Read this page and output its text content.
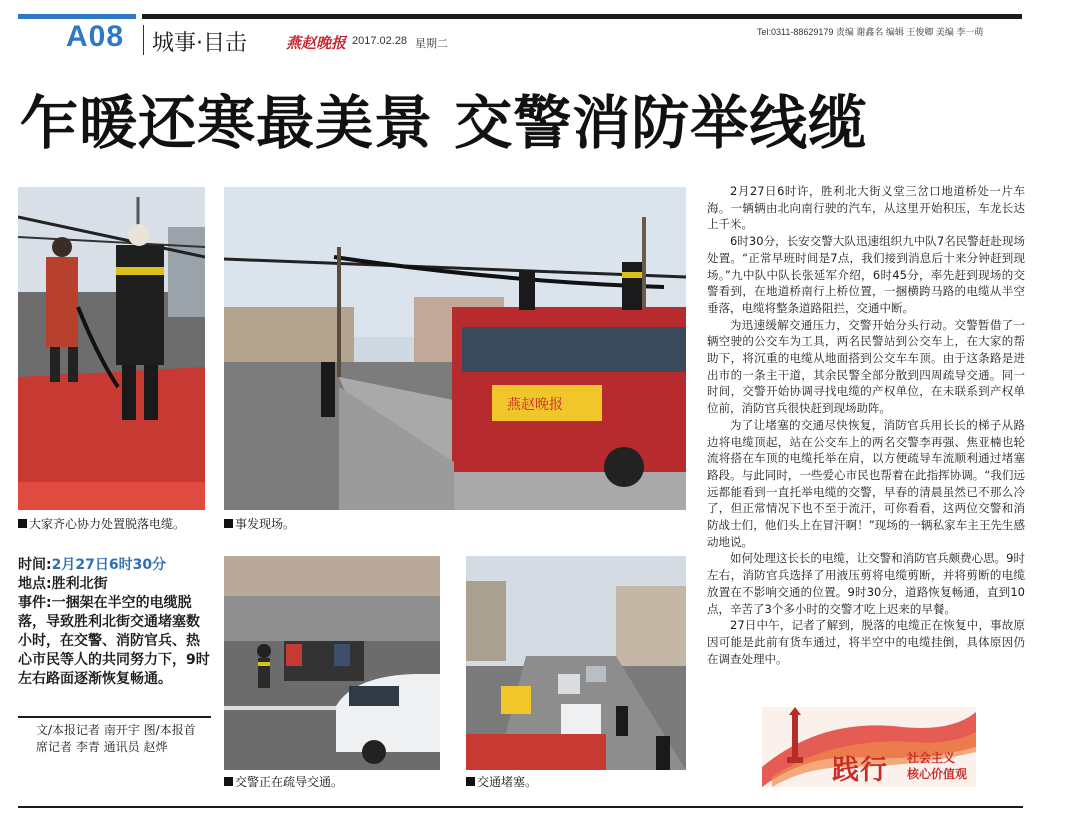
A08 城事·目击	燕赵晚报 2017.02.28 星期二
Tel:0311-88629179 责编 谢鑫名 编辑 王俊卿 美编 李一萌
乍暖还寒最美景 交警消防举线缆
大家齐心协力处置脱落电缆。
燕赵晚报
事发现场。
交警正在疏导交通。	交通堵塞。
时间:2月27日6时30分
地点:胜利北街
事件:一捆架在半空的电缆脱落，导致胜利北街交通堵塞数小时，在交警、消防官兵、热心市民等人的共同努力下，9时左右路面逐渐恢复畅通。
文/本报记者 南开宇 图/本报首席记者 李青 通讯员 赵烨

2月27日6时许，胜利北大街义堂三岔口地道桥处一片车海。一辆辆由北向南行驶的汽车，从这里开始积压，车龙长达上千米。

6时30分，长安交警大队迅速组织九中队7名民警赶赴现场处置。“正常早班时间是7点，我们接到消息后十来分钟赶到现场。”九中队中队长张延军介绍，6时45分，率先赶到现场的交警看到，在地道桥南行上桥位置，一捆横跨马路的电缆从半空垂落，电缆将整条道路阻拦，交通中断。

为迅速缓解交通压力，交警开始分头行动。交警暂借了一辆空驶的公交车为工具，两名民警站到公交车上，在大家的帮助下，将沉重的电缆从地面搭到公交车车顶。由于这条路是进出市的一条主干道，其余民警全部分散到四周疏导交通。同一时间，交警开始协调寻找电缆的产权单位，在未联系到产权单位前，消防官兵很快赶到现场助阵。

为了让堵塞的交通尽快恢复，消防官兵用长长的梯子从路边将电缆顶起，站在公交车上的两名交警李再强、焦亚楠也轮流将搭在车顶的电缆托举在肩，以方便疏导车流顺利通过堵塞路段。与此同时，一些爱心市民也帮着在此指挥协调。“我们远远都能看到一直托举电缆的交警，早春的清晨虽然已不那么冷了，但正常情况下也不至于流汗，可你看看，这两位交警和消防战士们，他们头上在冒汗啊！”现场的一辆私家车主王先生感动地说。

如何处理这长长的电缆，让交警和消防官兵颇费心思。9时左右，消防官兵选择了用液压剪将电缆剪断，并将剪断的电缆放置在不影响交通的位置。9时30分，道路恢复畅通，直到10点，辛苦了3个多小时的交警才吃上迟来的早餐。

27日中午，记者了解到，脱落的电缆正在恢复中，事故原因可能是此前有货车通过，将半空中的电缆挂倒，具体原因仍在调查处理中。

践行 社会主义
核心价值观
